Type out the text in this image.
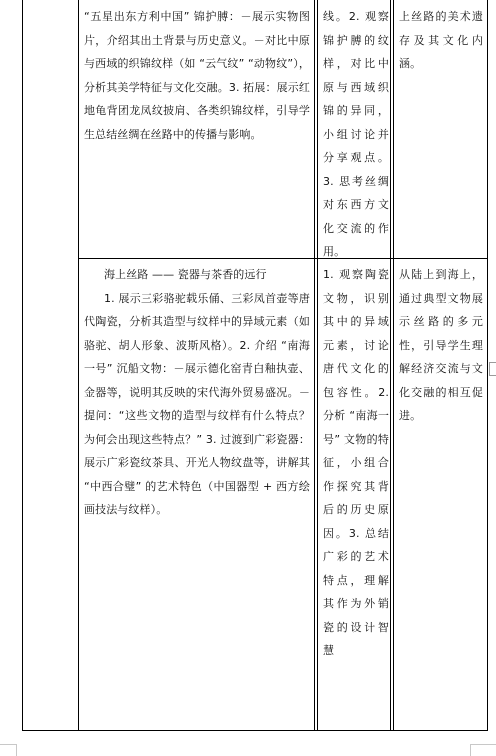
“五星出东方利中国” 锦护膊：－展示实物图片，介绍其出土背景与历史意义。－对比中原与西域的织锦纹样（如 “云气纹” “动物纹”），分析其美学特征与文化交融。3. 拓展：展示红地龟背团龙凤纹披肩、各类织锦纹样，引导学生总结丝绸在丝路中的传播与影响。

线。2. 观察锦护膊的纹样，对比中原与西域织锦的异同，小组讨论并分享观点。3. 思考丝绸对东西方文化交流的作用。

上丝路的美术遗存及其文化内涵。

海上丝路 —— 瓷器与茶香的远行

1. 展示三彩骆驼载乐俑、三彩凤首壶等唐代陶瓷，分析其造型与纹样中的异域元素（如骆驼、胡人形象、波斯风格）。2. 介绍 “南海一号” 沉船文物：－展示德化窑青白釉执壶、金器等，说明其反映的宋代海外贸易盛况。－提问：“这些文物的造型与纹样有什么特点？为何会出现这些特点？” 3. 过渡到广彩瓷器：展示广彩瓷纹茶具、开光人物纹盘等，讲解其 “中西合璧” 的艺术特色（中国器型 + 西方绘画技法与纹样）。

1. 观察陶瓷文物，识别其中的异域元素，讨论唐代文化的包容性。2. 分析 “南海一号” 文物的特征，小组合作探究其背后的历史原因。3. 总结广彩的艺术特点，理解其作为外销瓷的设计智慧

从陆上到海上，通过典型文物展示丝路的多元性，引导学生理解经济交流与文化交融的相互促进。
